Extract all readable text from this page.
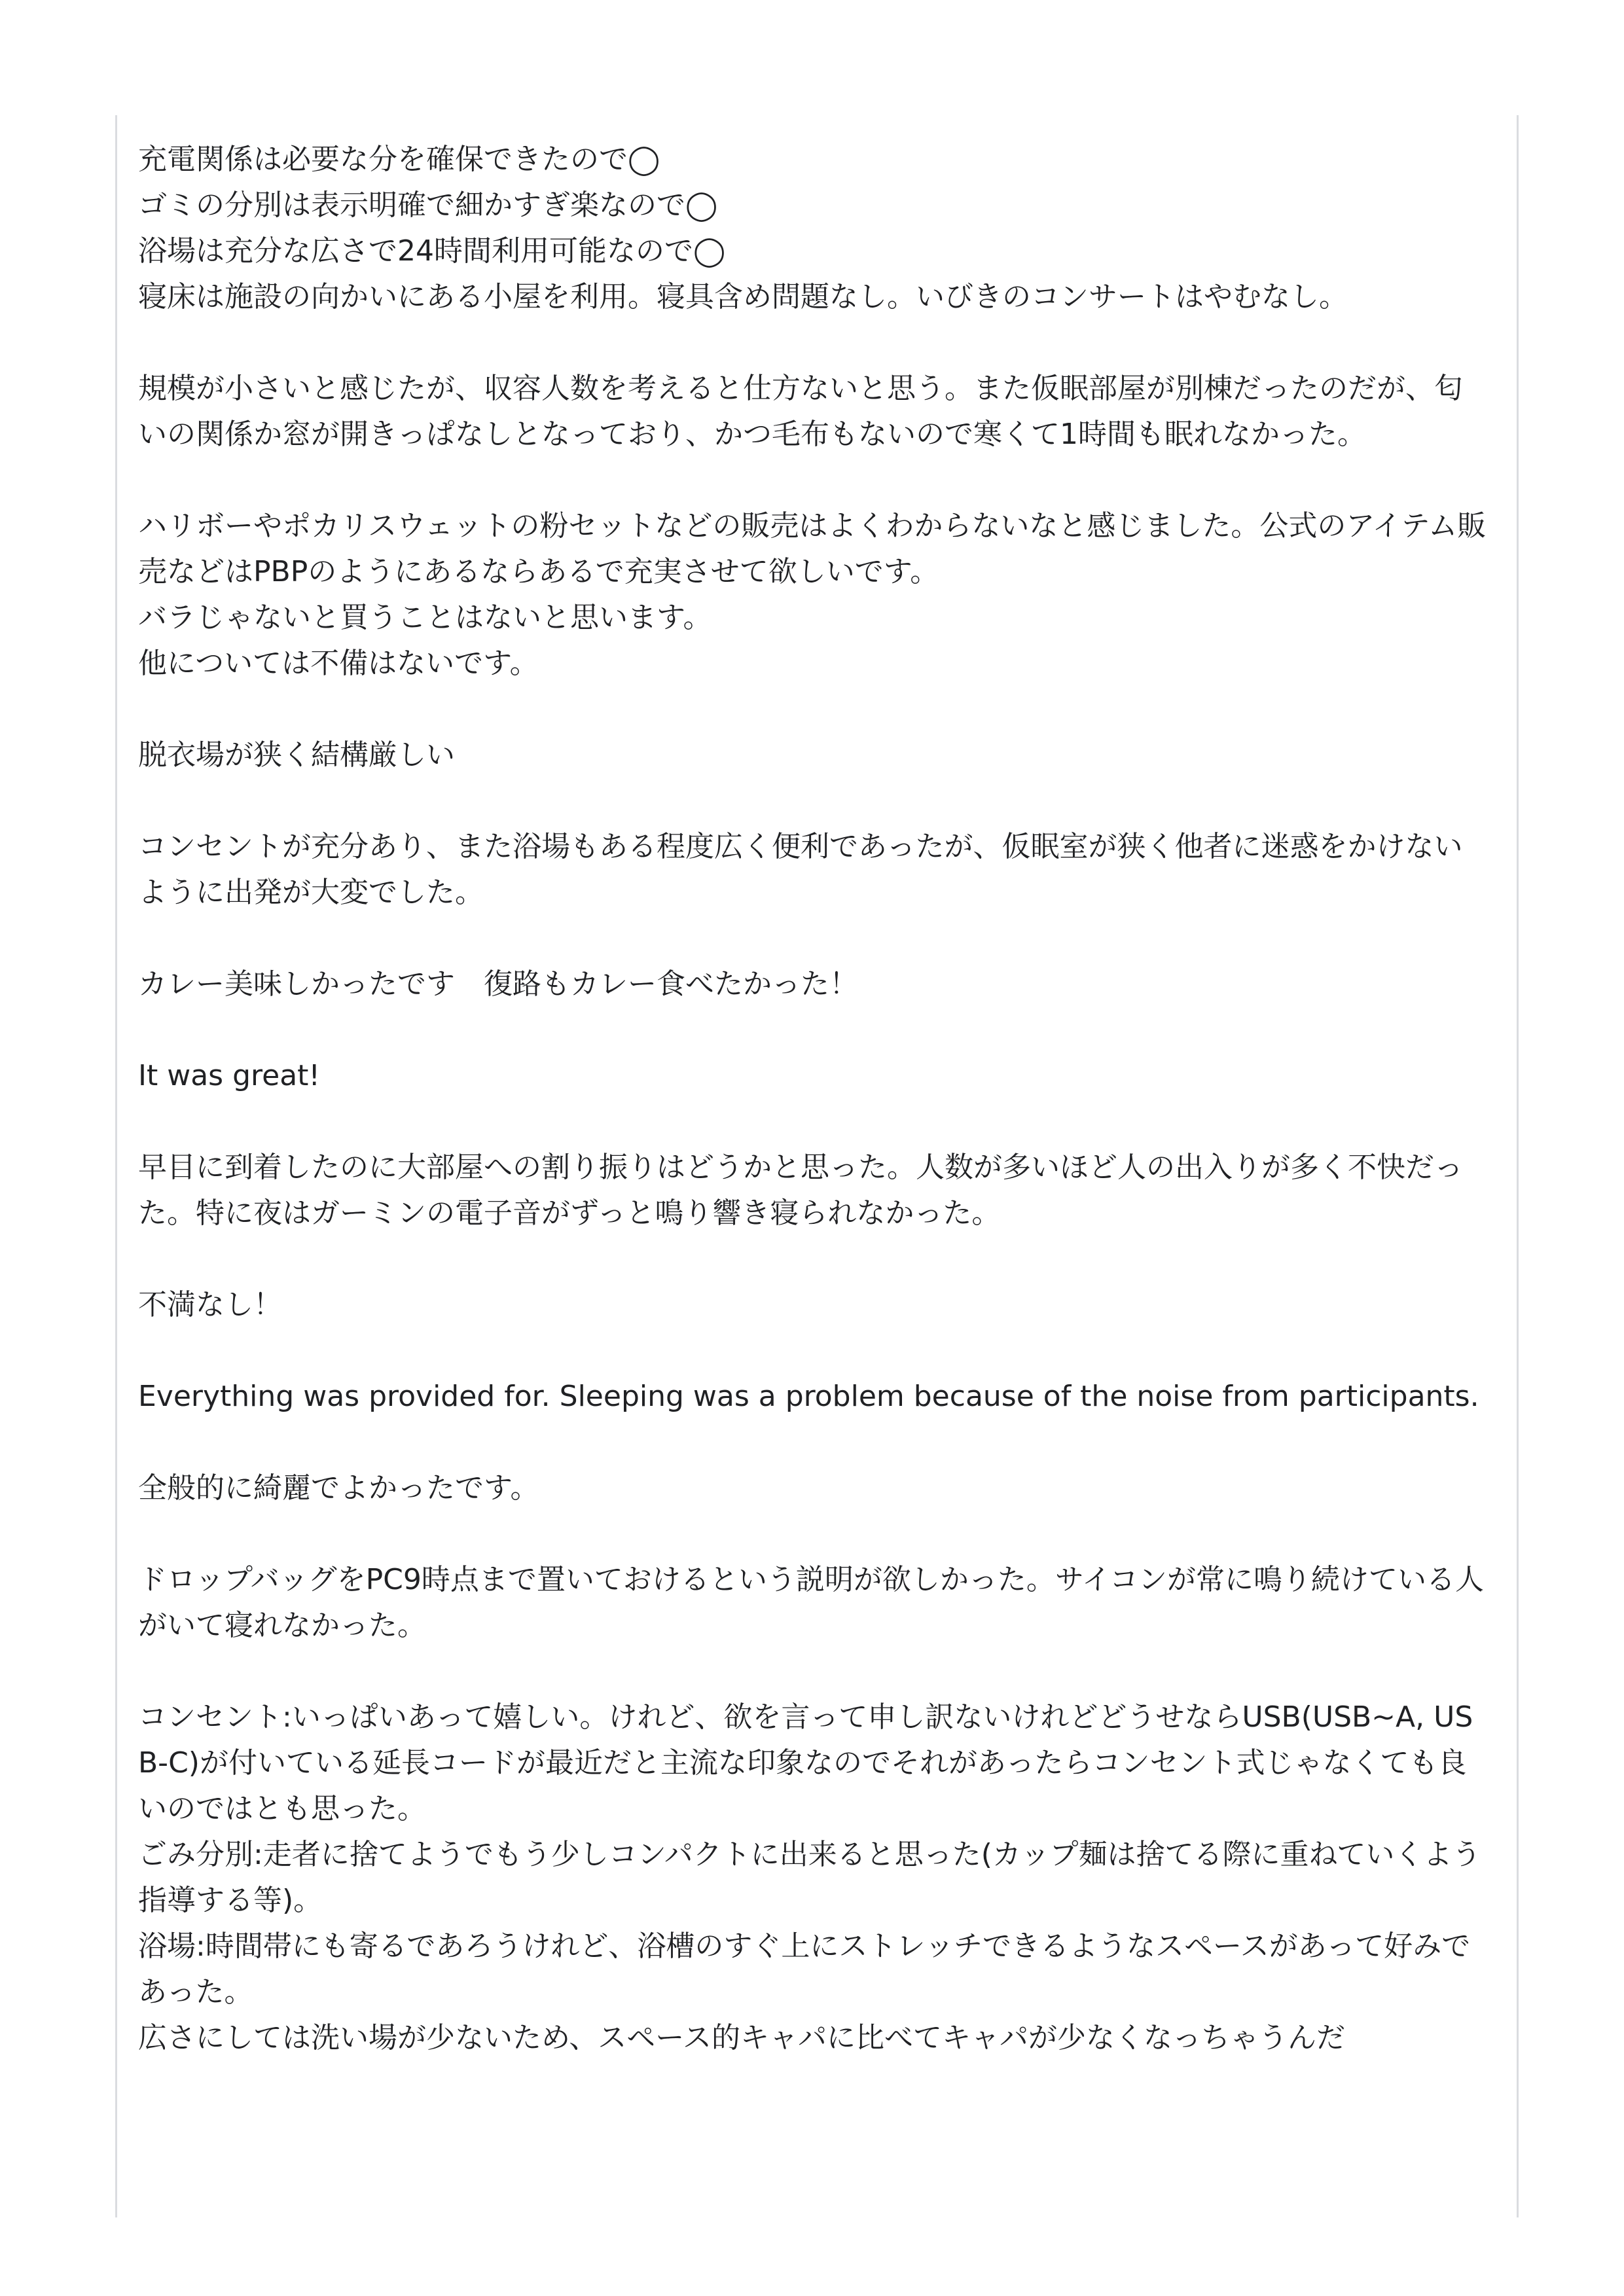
充電関係は必要な分を確保できたので◯
ゴミの分別は表示明確で細かすぎ楽なので◯
浴場は充分な広さで24時間利用可能なので◯
寝床は施設の向かいにある小屋を利用。寝具含め問題なし。いびきのコンサートはやむなし。
規模が小さいと感じたが、収容人数を考えると仕方ないと思う。また仮眠部屋が別棟だったのだが、匂いの関係か窓が開きっぱなしとなっており、かつ毛布もないので寒くて1時間も眠れなかった。
ハリボーやポカリスウェットの粉セットなどの販売はよくわからないなと感じました。公式のアイテム販売などはPBPのようにあるならあるで充実させて欲しいです。
バラじゃないと買うことはないと思います。
他については不備はないです。
脱衣場が狭く結構厳しい
コンセントが充分あり、また浴場もある程度広く便利であったが、仮眠室が狭く他者に迷惑をかけないように出発が大変でした。
カレー美味しかったです　復路もカレー食べたかった！
It was great!
早目に到着したのに大部屋への割り振りはどうかと思った。人数が多いほど人の出入りが多く不快だった。特に夜はガーミンの電子音がずっと鳴り響き寝られなかった。
不満なし！
Everything was provided for. Sleeping was a problem because of the noise from participants.
全般的に綺麗でよかったです。
ドロップバッグをPC9時点まで置いておけるという説明が欲しかった。サイコンが常に鳴り続けている人がいて寝れなかった。
コンセント:いっぱいあって嬉しい。けれど、欲を言って申し訳ないけれどどうせならUSB(USB~A, USB-C)が付いている延長コードが最近だと主流な印象なのでそれがあったらコンセント式じゃなくても良いのではとも思った。
ごみ分別:走者に捨てようでもう少しコンパクトに出来ると思った(カップ麺は捨てる際に重ねていくよう指導する等)。
浴場:時間帯にも寄るであろうけれど、浴槽のすぐ上にストレッチできるようなスペースがあって好みであった。
広さにしては洗い場が少ないため、スペース的キャパに比べてキャパが少なくなっちゃうんだ
